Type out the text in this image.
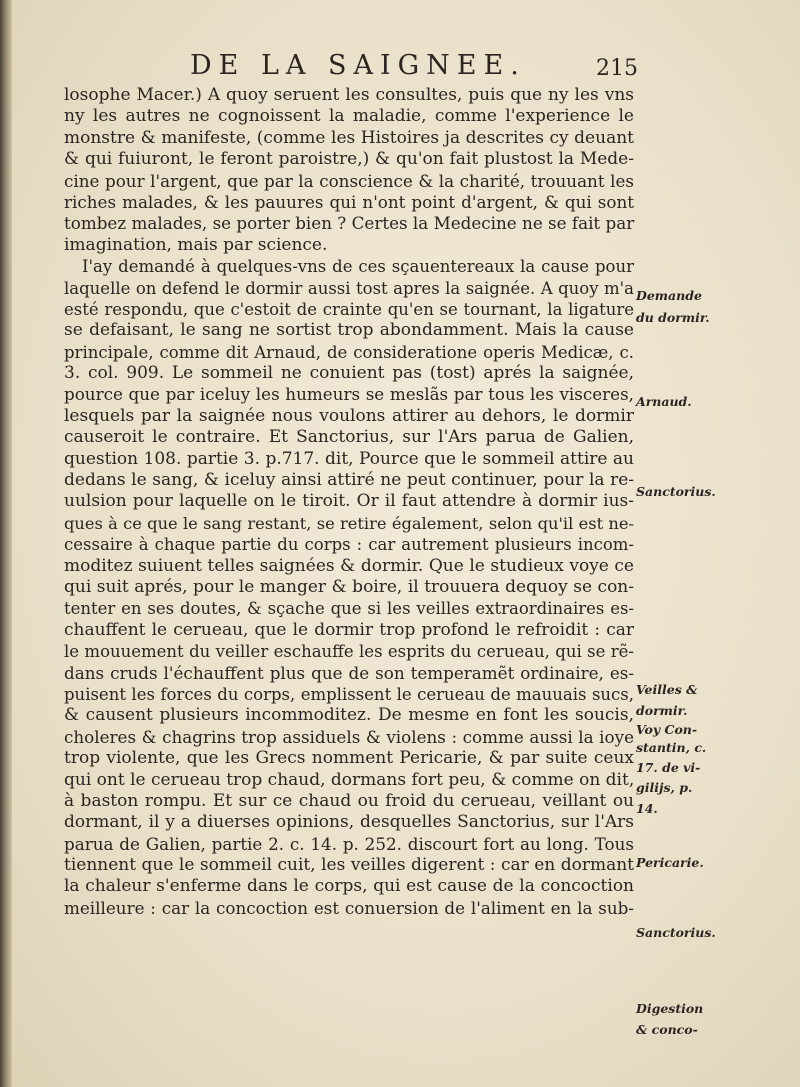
DE LA SAIGNEE.	215
losophe Macer.) A quoy seruent les consultes, puis que ny les vns
ny les autres ne cognoissent la maladie, comme l'experience le
monstre & manifeste, (comme les Histoires ja descrites cy deuant
& qui fuiuront, le feront paroistre,) & qu'on fait plustost la Mede-
cine pour l'argent, que par la conscience & la charité, trouuant les
riches malades, & les pauures qui n'ont point d'argent, & qui sont
tombez malades, se porter bien ? Certes la Medecine ne se fait par
imagination, mais par science.
I'ay demandé à quelques-vns de ces sçauentereaux la cause pour
laquelle on defend le dormir aussi tost apres la saignée. A quoy m'a
esté respondu, que c'estoit de crainte qu'en se tournant, la ligature
se defaisant, le sang ne sortist trop abondamment. Mais la cause
principale, comme dit Arnaud, de consideratione operis Medicæ, c.
3. col. 909. Le sommeil ne conuient pas (tost) aprés la saignée,
pource que par iceluy les humeurs se meslãs par tous les visceres,
lesquels par la saignée nous voulons attirer au dehors, le dormir
causeroit le contraire. Et Sanctorius, sur l'Ars parua de Galien,
question 108. partie 3. p.717. dit, Pource que le sommeil attire au
dedans le sang, & iceluy ainsi attiré ne peut continuer, pour la re-
uulsion pour laquelle on le tiroit. Or il faut attendre à dormir ius-
ques à ce que le sang restant, se retire également, selon qu'il est ne-
cessaire à chaque partie du corps : car autrement plusieurs incom-
moditez suiuent telles saignées & dormir. Que le studieux voye ce
qui suit aprés, pour le manger & boire, il trouuera dequoy se con-
tenter en ses doutes, & sçache que si les veilles extraordinaires es-
chauffent le cerueau, que le dormir trop profond le refroidit : car
le mouuement du veiller eschauffe les esprits du cerueau, qui se rẽ-
dans cruds l'échauffent plus que de son temperamẽt ordinaire, es-
puisent les forces du corps, emplissent le cerueau de mauuais sucs,
& causent plusieurs incommoditez. De mesme en font les soucis,
choleres & chagrins trop assiduels & violens : comme aussi la ioye
trop violente, que les Grecs nomment Pericarie, & par suite ceux
qui ont le cerueau trop chaud, dormans fort peu, & comme on dit,
à baston rompu. Et sur ce chaud ou froid du cerueau, veillant ou
dormant, il y a diuerses opinions, desquelles Sanctorius, sur l'Ars
parua de Galien, partie 2. c. 14. p. 252. discourt fort au long. Tous
tiennent que le sommeil cuit, les veilles digerent : car en dormant
la chaleur s'enferme dans le corps, qui est cause de la concoction
meilleure : car la concoction est conuersion de l'aliment en la sub-
Demande
du dormir.
Arnaud.
Sanctorius.
Veilles &
dormir.
Voy Con-
stantin, c.
17. de vi-
gilijs, p.
14.
Pericarie.
Sanctorius.
Digestion
& conco-
